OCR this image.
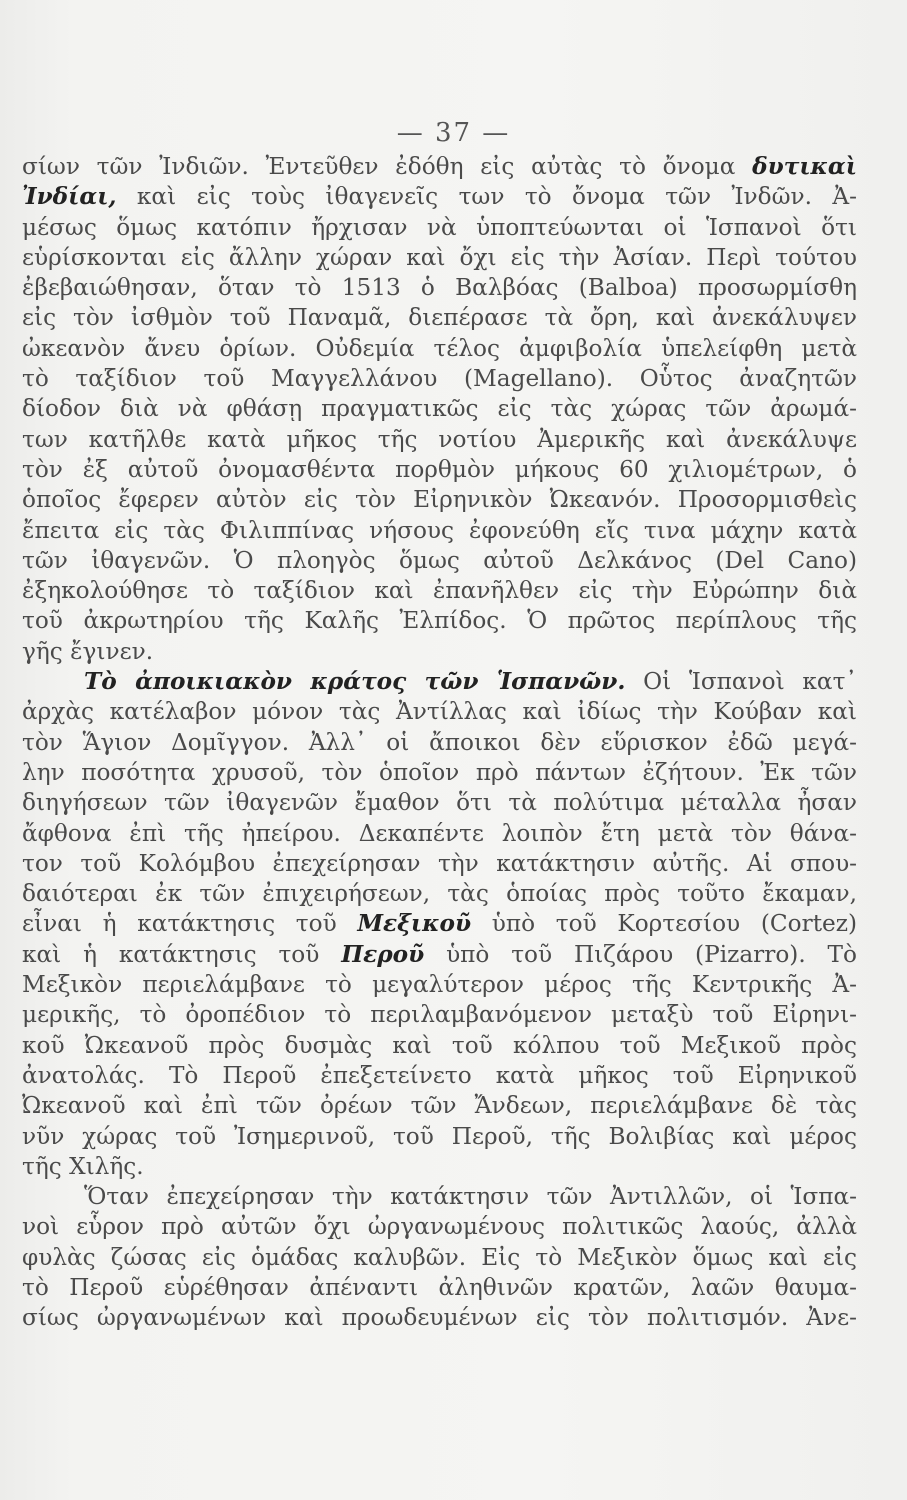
— 37 —
σίων τῶν Ἰνδιῶν. Ἐντεῦθεν ἐδόθη εἰς αὐτὰς τὸ ὄνομα δυτικαὶ
Ἰνδίαι, καὶ εἰς τοὺς ἰθαγενεῖς των τὸ ὄνομα τῶν Ἰνδῶν. Ἀ-
μέσως ὅμως κατόπιν ἤρχισαν νὰ ὑποπτεύωνται οἱ Ἱσπανοὶ ὅτι
εὑρίσκονται εἰς ἄλλην χώραν καὶ ὄχι εἰς τὴν Ἀσίαν. Περὶ τούτου
ἐβεβαιώθησαν, ὅταν τὸ 1513 ὁ Βαλβόας (Balboa) προσωρμίσθη
εἰς τὸν ἰσθμὸν τοῦ Παναμᾶ, διεπέρασε τὰ ὄρη, καὶ ἀνεκάλυψεν
ὠκεανὸν ἄνευ ὁρίων. Οὐδεμία τέλος ἀμφιβολία ὑπελείφθη μετὰ
τὸ ταξίδιον τοῦ Μαγγελλάνου (Magellano). Οὗτος ἀναζητῶν
δίοδον διὰ νὰ φθάσῃ πραγματικῶς εἰς τὰς χώρας τῶν ἀρωμά-
των κατῆλθε κατὰ μῆκος τῆς νοτίου Ἀμερικῆς καὶ ἀνεκάλυψε
τὸν ἐξ αὐτοῦ ὀνομασθέντα πορθμὸν μήκους 60 χιλιομέτρων, ὁ
ὁποῖος ἔφερεν αὐτὸν εἰς τὸν Εἰρηνικὸν Ὠκεανόν. Προσορμισθεὶς
ἔπειτα εἰς τὰς Φιλιππίνας νήσους ἐφονεύθη εἴς τινα μάχην κατὰ
τῶν ἰθαγενῶν. Ὁ πλοηγὸς ὅμως αὐτοῦ Δελκάνος (Del Cano)
ἐξηκολούθησε τὸ ταξίδιον καὶ ἐπανῆλθεν εἰς τὴν Εὐρώπην διὰ
τοῦ ἀκρωτηρίου τῆς Καλῆς Ἐλπίδος. Ὁ πρῶτος περίπλους τῆς
γῆς ἔγινεν.
Τὸ ἀποικιακὸν κράτος τῶν Ἱσπανῶν. Οἱ Ἱσπανοὶ κατ᾽
ἀρχὰς κατέλαβον μόνον τὰς Ἀντίλλας καὶ ἰδίως τὴν Κούβαν καὶ
τὸν Ἅγιον Δομῖγγον. Ἀλλ᾽ οἱ ἄποικοι δὲν εὕρισκον ἐδῶ μεγά-
λην ποσότητα χρυσοῦ, τὸν ὁποῖον πρὸ πάντων ἐζήτουν. Ἐκ τῶν
διηγήσεων τῶν ἰθαγενῶν ἔμαθον ὅτι τὰ πολύτιμα μέταλλα ἦσαν
ἄφθονα ἐπὶ τῆς ἠπείρου. Δεκαπέντε λοιπὸν ἔτη μετὰ τὸν θάνα-
τον τοῦ Κολόμβου ἐπεχείρησαν τὴν κατάκτησιν αὐτῆς. Αἱ σπου-
δαιότεραι ἐκ τῶν ἐπιχειρήσεων, τὰς ὁποίας πρὸς τοῦτο ἔκαμαν,
εἶναι ἡ κατάκτησις τοῦ Μεξικοῦ ὑπὸ τοῦ Κορτεσίου (Cortez)
καὶ ἡ κατάκτησις τοῦ Περοῦ ὑπὸ τοῦ Πιζάρου (Pizarro). Τὸ
Μεξικὸν περιελάμβανε τὸ μεγαλύτερον μέρος τῆς Κεντρικῆς Ἀ-
μερικῆς, τὸ ὀροπέδιον τὸ περιλαμβανόμενον μεταξὺ τοῦ Εἰρηνι-
κοῦ Ὠκεανοῦ πρὸς δυσμὰς καὶ τοῦ κόλπου τοῦ Μεξικοῦ πρὸς
ἀνατολάς. Τὸ Περοῦ ἐπεξετείνετο κατὰ μῆκος τοῦ Εἰρηνικοῦ
Ὠκεανοῦ καὶ ἐπὶ τῶν ὀρέων τῶν Ἄνδεων, περιελάμβανε δὲ τὰς
νῦν χώρας τοῦ Ἰσημερινοῦ, τοῦ Περοῦ, τῆς Βολιβίας καὶ μέρος
τῆς Χιλῆς.
Ὅταν ἐπεχείρησαν τὴν κατάκτησιν τῶν Ἀντιλλῶν, οἱ Ἱσπα-
νοὶ εὗρον πρὸ αὐτῶν ὄχι ὠργανωμένους πολιτικῶς λαούς, ἀλλὰ
φυλὰς ζώσας εἰς ὁμάδας καλυβῶν. Εἰς τὸ Μεξικὸν ὅμως καὶ εἰς
τὸ Περοῦ εὑρέθησαν ἀπέναντι ἀληθινῶν κρατῶν, λαῶν θαυμα-
σίως ὠργανωμένων καὶ προωδευμένων εἰς τὸν πολιτισμόν. Ἀνε-
